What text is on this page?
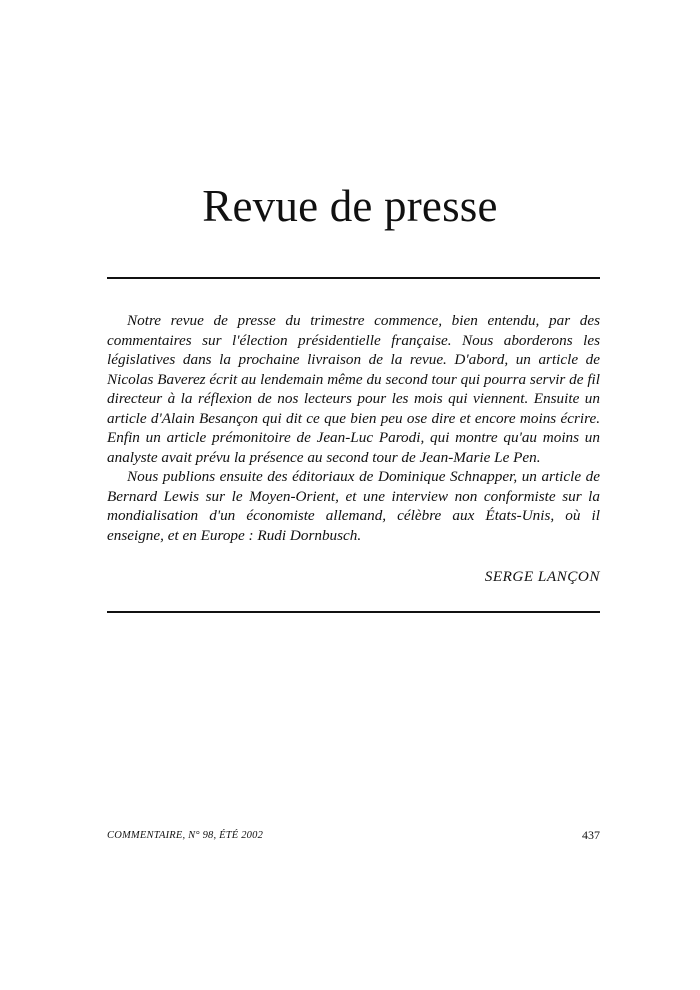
Revue de presse

Notre revue de presse du trimestre commence, bien entendu, par des commentaires sur l'élection présidentielle française. Nous aborderons les législatives dans la prochaine livraison de la revue. D'abord, un article de Nicolas Baverez écrit au lendemain même du second tour qui pourra servir de fil directeur à la réflexion de nos lecteurs pour les mois qui viennent. Ensuite un article d'Alain Besançon qui dit ce que bien peu ose dire et encore moins écrire. Enfin un article prémonitoire de Jean-Luc Parodi, qui montre qu'au moins un analyste avait prévu la présence au second tour de Jean-Marie Le Pen.

Nous publions ensuite des éditoriaux de Dominique Schnapper, un article de Bernard Lewis sur le Moyen-Orient, et une interview non conformiste sur la mondialisation d'un économiste allemand, célèbre aux États-Unis, où il enseigne, et en Europe : Rudi Dornbusch.

SERGE LANÇON
COMMENTAIRE, N° 98, ÉTÉ 2002	437
